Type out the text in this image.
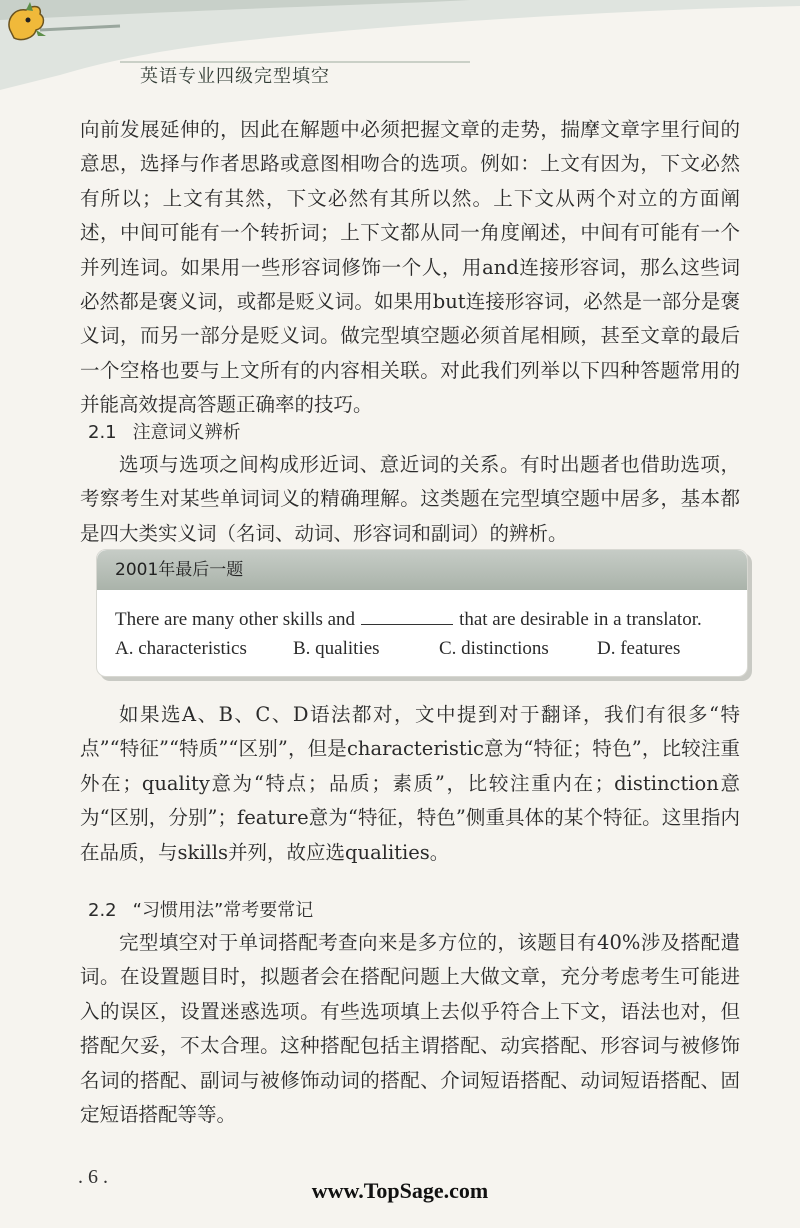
英语专业四级完型填空

向前发展延伸的，因此在解题中必须把握文章的走势，揣摩文章字里行间的意思，选择与作者思路或意图相吻合的选项。例如：上文有因为，下文必然有所以；上文有其然，下文必然有其所以然。上下文从两个对立的方面阐述，中间可能有一个转折词；上下文都从同一角度阐述，中间有可能有一个并列连词。如果用一些形容词修饰一个人，用and连接形容词，那么这些词必然都是褒义词，或都是贬义词。如果用but连接形容词，必然是一部分是褒义词，而另一部分是贬义词。做完型填空题必须首尾相顾，甚至文章的最后一个空格也要与上文所有的内容相关联。对此我们列举以下四种答题常用的并能高效提高答题正确率的技巧。

2.1 注意词义辨析

选项与选项之间构成形近词、意近词的关系。有时出题者也借助选项，考察考生对某些单词词义的精确理解。这类题在完型填空题中居多，基本都是四大类实义词（名词、动词、形容词和副词）的辨析。

2001年最后一题
There are many other skills and	that are desirable in a translator.
A. characteristics B. qualities	C. distinctions	D. features

如果选A、B、C、D语法都对，文中提到对于翻译，我们有很多“特点”“特征”“特质”“区别”，但是characteristic意为“特征；特色”，比较注重外在；quality意为“特点；品质；素质”，比较注重内在；distinction意为“区别，分别”；feature意为“特征，特色”侧重具体的某个特征。这里指内在品质，与skills并列，故应选qualities。

2.2 “习惯用法”常考要常记

完型填空对于单词搭配考查向来是多方位的，该题目有40%涉及搭配遣词。在设置题目时，拟题者会在搭配问题上大做文章，充分考虑考生可能进入的误区，设置迷惑选项。有些选项填上去似乎符合上下文，语法也对，但搭配欠妥，不太合理。这种搭配包括主谓搭配、动宾搭配、形容词与被修饰名词的搭配、副词与被修饰动词的搭配、介词短语搭配、动词短语搭配、固定短语搭配等等。

. 6 .
www.TopSage.com
